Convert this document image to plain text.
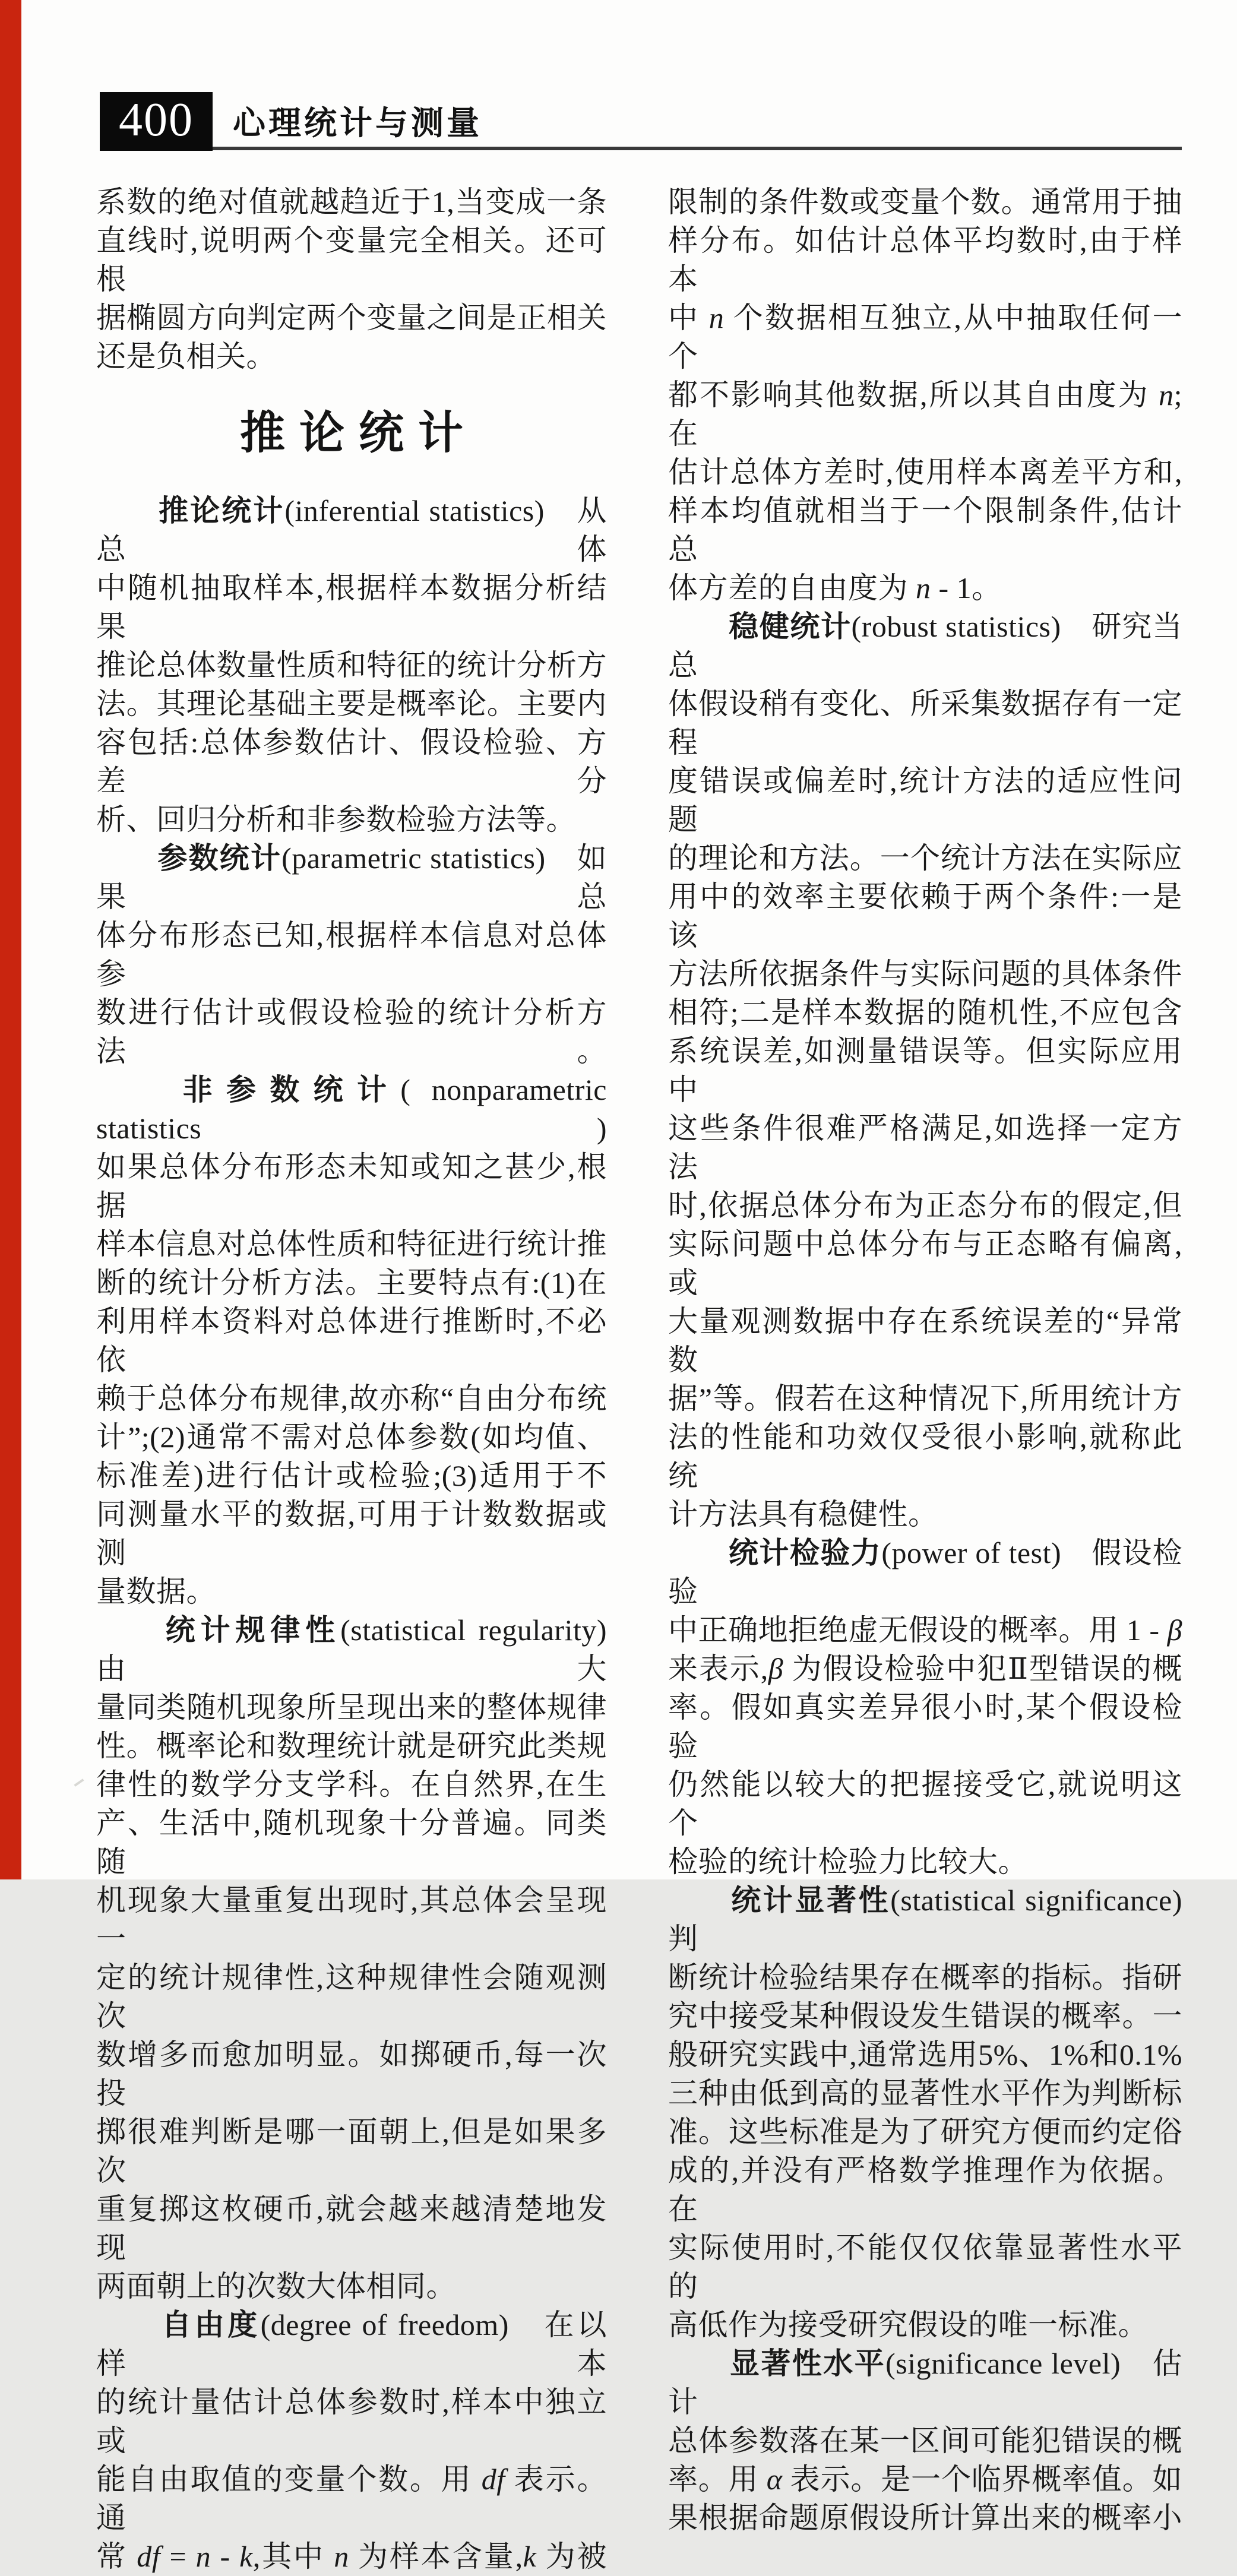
400 心理统计与测量
系数的绝对值就越趋近于1,当变成一条
直线时,说明两个变量完全相关。还可根
据椭圆方向判定两个变量之间是正相关
还是负相关。
推论统计
　　推论统计(inferential statistics)　从总体
中随机抽取样本,根据样本数据分析结果
推论总体数量性质和特征的统计分析方
法。其理论基础主要是概率论。主要内
容包括:总体参数估计、假设检验、方差分
析、回归分析和非参数检验方法等。
　　参数统计(parametric statistics)　如果总
体分布形态已知,根据样本信息对总体参
数进行估计或假设检验的统计分析方法。
　　非参数统计( nonparametric statistics )
如果总体分布形态未知或知之甚少,根据
样本信息对总体性质和特征进行统计推
断的统计分析方法。主要特点有:(1)在
利用样本资料对总体进行推断时,不必依
赖于总体分布规律,故亦称“自由分布统
计”;(2)通常不需对总体参数(如均值、
标准差)进行估计或检验;(3)适用于不
同测量水平的数据,可用于计数数据或测
量数据。
　　统计规律性(statistical regularity)　由大
量同类随机现象所呈现出来的整体规律
性。概率论和数理统计就是研究此类规
律性的数学分支学科。在自然界,在生
产、生活中,随机现象十分普遍。同类随
机现象大量重复出现时,其总体会呈现一
定的统计规律性,这种规律性会随观测次
数增多而愈加明显。如掷硬币,每一次投
掷很难判断是哪一面朝上,但是如果多次
重复掷这枚硬币,就会越来越清楚地发现
两面朝上的次数大体相同。
　　自由度(degree of freedom)　在以样本
的统计量估计总体参数时,样本中独立或
能自由取值的变量个数。用 df 表示。通
常 df = n - k,其中 n 为样本含量,k 为被
限制的条件数或变量个数。通常用于抽
样分布。如估计总体平均数时,由于样本
中 n 个数据相互独立,从中抽取任何一个
都不影响其他数据,所以其自由度为 n;在
估计总体方差时,使用样本离差平方和,
样本均值就相当于一个限制条件,估计总
体方差的自由度为 n - 1。
　　稳健统计(robust statistics)　研究当总
体假设稍有变化、所采集数据存有一定程
度错误或偏差时,统计方法的适应性问题
的理论和方法。一个统计方法在实际应
用中的效率主要依赖于两个条件:一是该
方法所依据条件与实际问题的具体条件
相符;二是样本数据的随机性,不应包含
系统误差,如测量错误等。但实际应用中
这些条件很难严格满足,如选择一定方法
时,依据总体分布为正态分布的假定,但
实际问题中总体分布与正态略有偏离,或
大量观测数据中存在系统误差的“异常数
据”等。假若在这种情况下,所用统计方
法的性能和功效仅受很小影响,就称此统
计方法具有稳健性。
　　统计检验力(power of test)　假设检验
中正确地拒绝虚无假设的概率。用 1 - β
来表示,β 为假设检验中犯Ⅱ型错误的概
率。假如真实差异很小时,某个假设检验
仍然能以较大的把握接受它,就说明这个
检验的统计检验力比较大。
　　统计显著性(statistical significance)　判
断统计检验结果存在概率的指标。指研
究中接受某种假设发生错误的概率。一
般研究实践中,通常选用5%、1%和0.1%
三种由低到高的显著性水平作为判断标
准。这些标准是为了研究方便而约定俗
成的,并没有严格数学推理作为依据。在
实际使用时,不能仅仅依靠显著性水平的
高低作为接受研究假设的唯一标准。
　　显著性水平(significance level)　估计
总体参数落在某一区间可能犯错误的概
率。用 α 表示。是一个临界概率值。如
果根据命题原假设所计算出来的概率小
